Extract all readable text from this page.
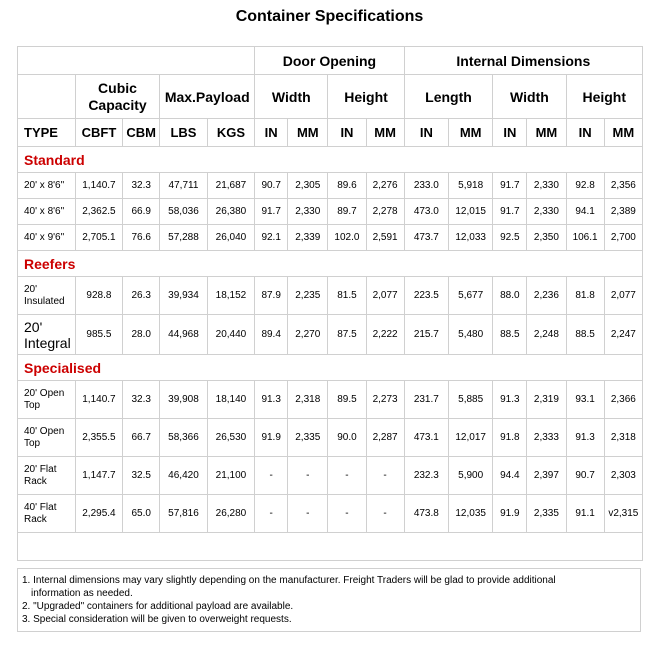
Container Specifications
					Door Opening				Internal Dimensions					
	Cubic Capacity		Max.Payload		Width		Height		Length		Width		Height	
TYPE	CBFT	CBM	LBS	KGS	IN	MM	IN	MM	IN	MM	IN	MM	IN	MM
Standard														
20' x 8'6"	1,140.7	32.3	47,711	21,687	90.7	2,305	89.6	2,276	233.0	5,918	91.7	2,330	92.8	2,356
40' x 8'6"	2,362.5	66.9	58,036	26,380	91.7	2,330	89.7	2,278	473.0	12,015	91.7	2,330	94.1	2,389
40' x 9'6"	2,705.1	76.6	57,288	26,040	92.1	2,339	102.0	2,591	473.7	12,033	92.5	2,350	106.1	2,700
Reefers														
20' Insulated	928.8	26.3	39,934	18,152	87.9	2,235	81.5	2,077	223.5	5,677	88.0	2,236	81.8	2,077
20' Integral	985.5	28.0	44,968	20,440	89.4	2,270	87.5	2,222	215.7	5,480	88.5	2,248	88.5	2,247
Specialised														
20' Open Top	1,140.7	32.3	39,908	18,140	91.3	2,318	89.5	2,273	231.7	5,885	91.3	2,319	93.1	2,366
40' Open Top	2,355.5	66.7	58,366	26,530	91.9	2,335	90.0	2,287	473.1	12,017	91.8	2,333	91.3	2,318
20' Flat Rack	1,147.7	32.5	46,420	21,100	-	-	-	-	232.3	5,900	94.4	2,397	90.7	2,303
40' Flat Rack	2,295.4	65.0	57,816	26,280	-	-	-	-	473.8	12,035	91.9	2,335	91.1	v2,315

1. Internal dimensions may vary slightly depending on the manufacturer. Freight Traders will be glad to provide additional

information as needed.

2. "Upgraded" containers for additional payload are available.

3. Special consideration will be given to overweight requests.
